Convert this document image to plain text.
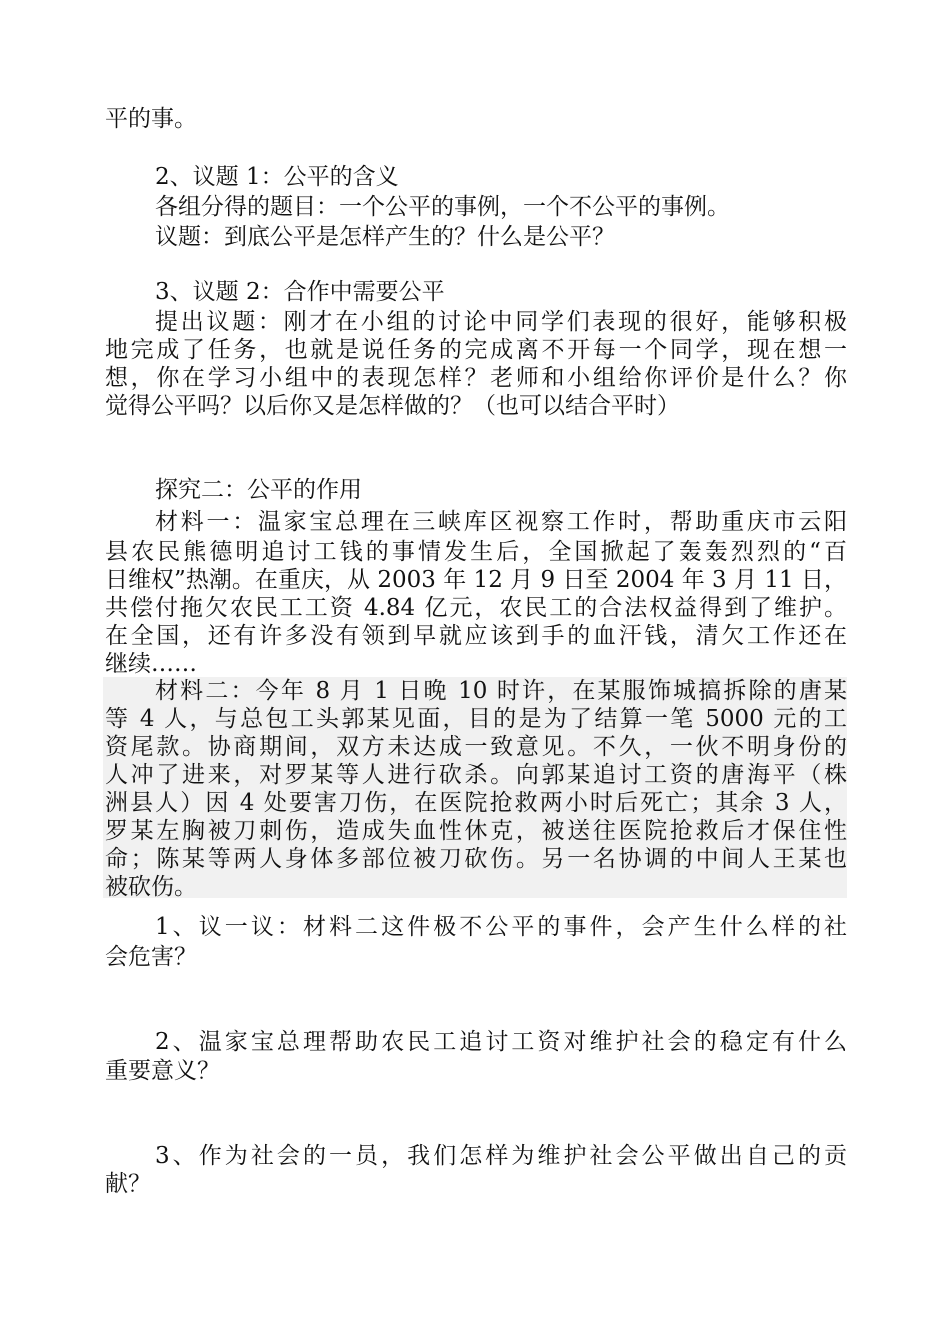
平的事。

2、议题 1：公平的含义

各组分得的题目：一个公平的事例，一个不公平的事例。

议题：到底公平是怎样产生的？什么是公平？

3、议题 2：合作中需要公平

提出议题：刚才在小组的讨论中同学们表现的很好，能够积极

地完成了任务，也就是说任务的完成离不开每一个同学，现在想一

想，你在学习小组中的表现怎样？老师和小组给你评价是什么？你

觉得公平吗？以后你又是怎样做的？（也可以结合平时）

探究二：公平的作用

材料一：温家宝总理在三峡库区视察工作时，帮助重庆市云阳

县农民熊德明追讨工钱的事情发生后，全国掀起了轰轰烈烈的“百

日维权”热潮。在重庆，从 2003 年 12 月 9 日至 2004 年 3 月 11 日，

共偿付拖欠农民工工资 4.84 亿元，农民工的合法权益得到了维护。

在全国，还有许多没有领到早就应该到手的血汗钱，清欠工作还在

继续……

材料二：今年 8 月 1 日晚 10 时许，在某服饰城搞拆除的唐某

等 4 人，与总包工头郭某见面，目的是为了结算一笔 5000 元的工

资尾款。协商期间，双方未达成一致意见。不久，一伙不明身份的

人冲了进来，对罗某等人进行砍杀。向郭某追讨工资的唐海平（株

洲县人）因 4 处要害刀伤，在医院抢救两小时后死亡；其余 3 人，

罗某左胸被刀刺伤，造成失血性休克，被送往医院抢救后才保住性

命；陈某等两人身体多部位被刀砍伤。另一名协调的中间人王某也

被砍伤。

1、议一议：材料二这件极不公平的事件，会产生什么样的社

会危害？

2、温家宝总理帮助农民工追讨工资对维护社会的稳定有什么

重要意义？

3、作为社会的一员，我们怎样为维护社会公平做出自己的贡

献？
